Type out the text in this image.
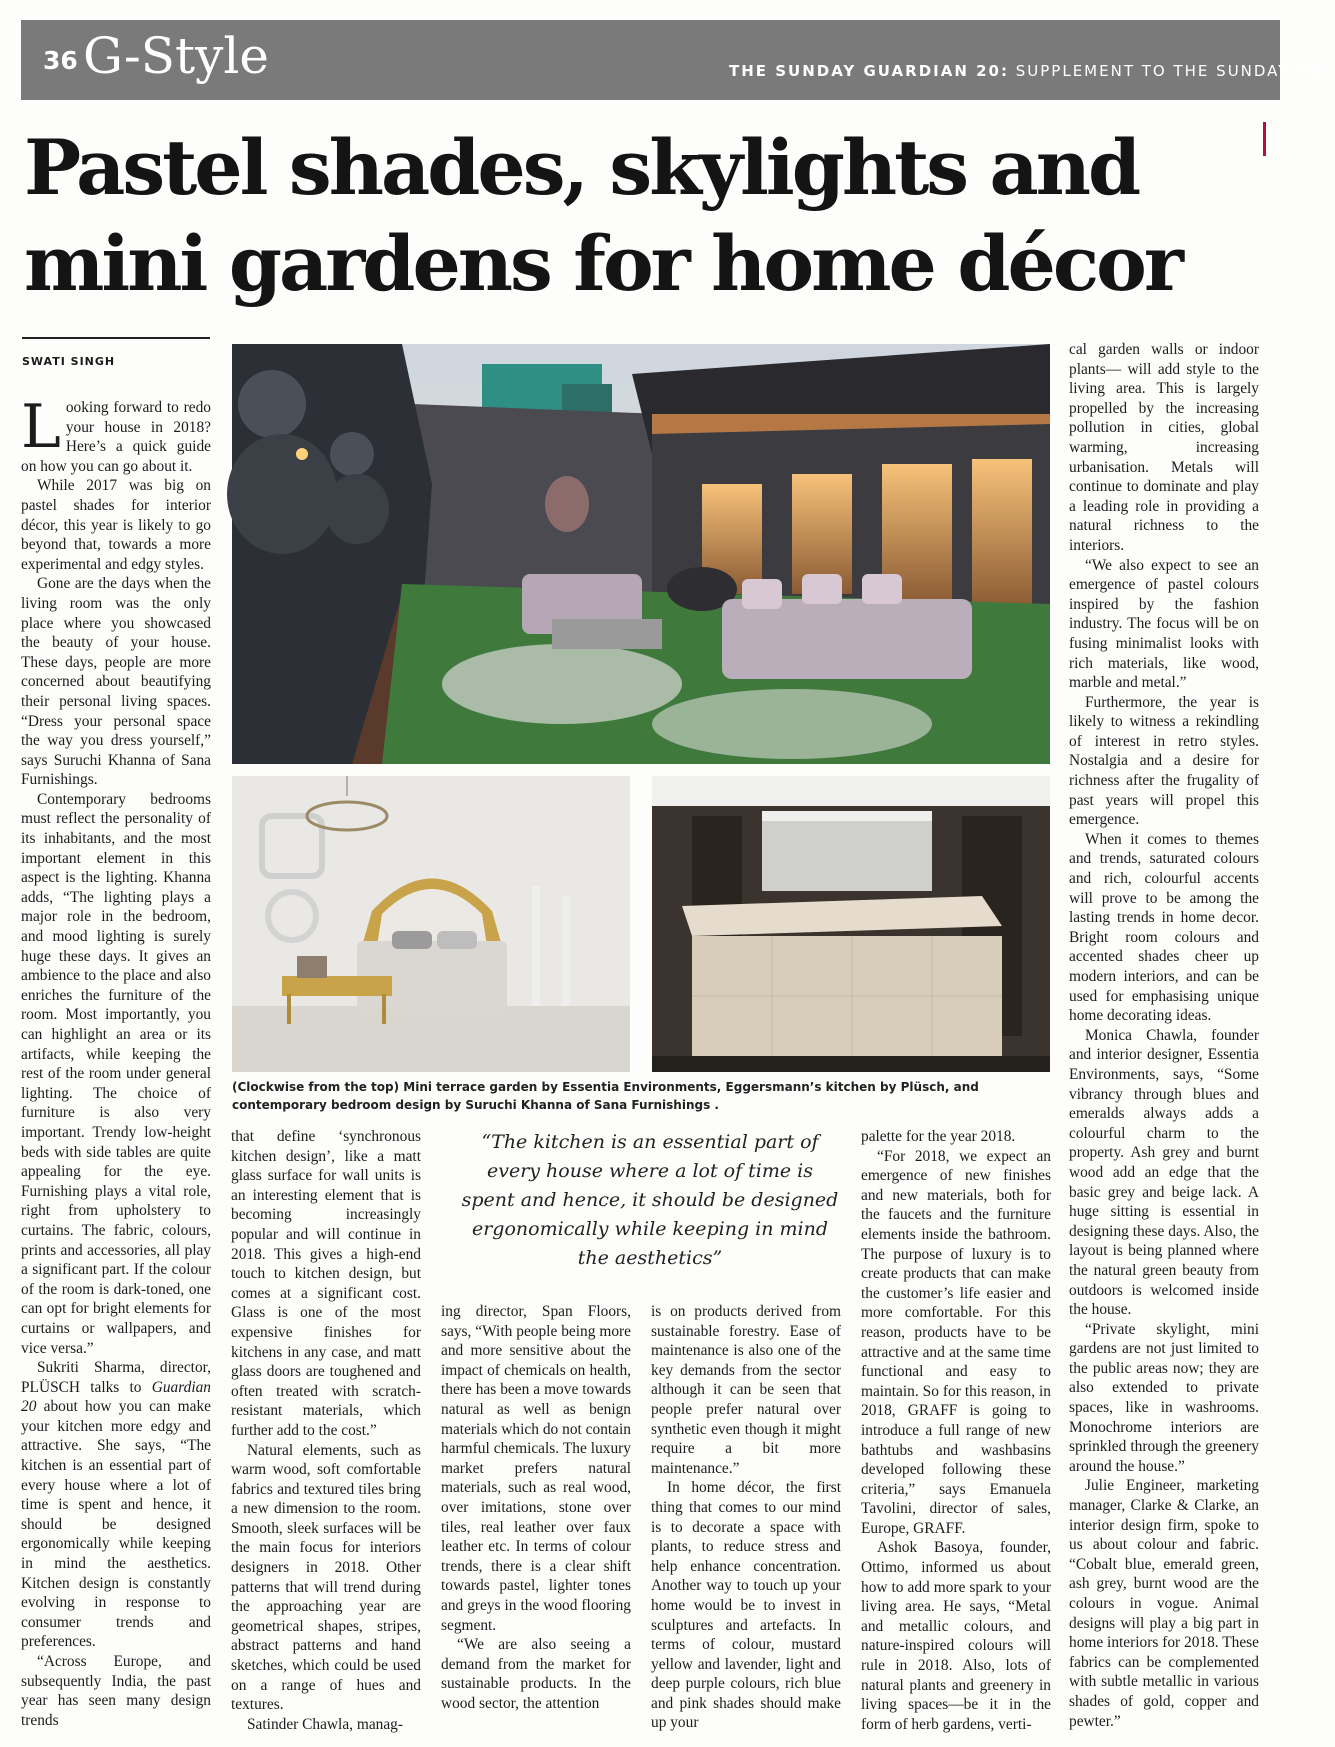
36 G-Style	THE SUNDAY GUARDIAN 20: SUPPLEMENT TO THE SUNDAY GUA
Pastel shades, skylights and mini gardens for home décor
SWATI SINGH
(Clockwise from the top) Mini terrace garden by Essentia Environments, Eggersmann’s kitchen by Plüsch, and contemporary bedroom design by Suruchi Khanna of Sana Furnishings .
“The kitchen is an essential part of every house where a lot of time is spent and hence, it should be designed ergonomically while keeping in mind the aesthetics”

Looking forward to redo your house in 2018? Here’s a quick guide on how you can go about it.

While 2017 was big on pastel shades for interior décor, this year is likely to go beyond that, towards a more experimental and edgy styles.

Gone are the days when the living room was the only place where you showcased the beauty of your house. These days, people are more concerned about beautifying their personal living spaces. “Dress your personal space the way you dress yourself,” says Suruchi Khanna of Sana Furnishings.

Contemporary bedrooms must reflect the personality of its inhabitants, and the most important element in this aspect is the lighting. Khanna adds, “The lighting plays a major role in the bedroom, and mood lighting is surely huge these days. It gives an ambience to the place and also enriches the furniture of the room. Most importantly, you can highlight an area or its artifacts, while keeping the rest of the room under general lighting. The choice of furniture is also very important. Trendy low-height beds with side tables are quite appealing for the eye. Furnishing plays a vital role, right from upholstery to curtains. The fabric, colours, prints and accessories, all play a significant part. If the colour of the room is dark-toned, one can opt for bright elements for curtains or wallpapers, and vice versa.”

Sukriti Sharma, director, PLÜSCH talks to Guardian 20 about how you can make your kitchen more edgy and attractive. She says, “The kitchen is an essential part of every house where a lot of time is spent and hence, it should be designed ergonomically while keeping in mind the aesthetics. Kitchen design is constantly evolving in response to consumer trends and preferences.

“Across Europe, and subsequently India, the past year has seen many design trends

that define ‘synchronous kitchen design’, like a matt glass surface for wall units is an interesting element that is becoming increasingly popular and will continue in 2018. This gives a high-end touch to kitchen design, but comes at a significant cost. Glass is one of the most expensive finishes for kitchens in any case, and matt glass doors are toughened and often treated with scratch-resistant materials, which further add to the cost.”

Natural elements, such as warm wood, soft comfortable fabrics and textured tiles bring a new dimension to the room. Smooth, sleek surfaces will be the main focus for interiors designers in 2018. Other patterns that will trend during the approaching year are geometrical shapes, stripes, abstract patterns and hand sketches, which could be used on a range of hues and textures.

Satinder Chawla, manag-

ing director, Span Floors, says, “With people being more and more sensitive about the impact of chemicals on health, there has been a move towards natural as well as benign materials which do not contain harmful chemicals. The luxury market prefers natural materials, such as real wood, over imitations, stone over tiles, real leather over faux leather etc. In terms of colour trends, there is a clear shift towards pastel, lighter tones and greys in the wood flooring segment.

“We are also seeing a demand from the market for sustainable products. In the wood sector, the attention

is on products derived from sustainable forestry. Ease of maintenance is also one of the key demands from the sector although it can be seen that people prefer natural over synthetic even though it might require a bit more maintenance.”

In home décor, the first thing that comes to our mind is to decorate a space with plants, to reduce stress and help enhance concentration. Another way to touch up your home would be to invest in sculptures and artefacts. In terms of colour, mustard yellow and lavender, light and deep purple colours, rich blue and pink shades should make up your

palette for the year 2018.

“For 2018, we expect an emergence of new finishes and new materials, both for the faucets and the furniture elements inside the bathroom. The purpose of luxury is to create products that can make the customer’s life easier and more comfortable. For this reason, products have to be attractive and at the same time functional and easy to maintain. So for this reason, in 2018, GRAFF is going to introduce a full range of new bathtubs and washbasins developed following these criteria,” says Emanuela Tavolini, director of sales, Europe, GRAFF.

Ashok Basoya, founder, Ottimo, informed us about how to add more spark to your living area. He says, “Metal and metallic colours, and nature-inspired colours will rule in 2018. Also, lots of natural plants and greenery in living spaces—be it in the form of herb gardens, verti-

cal garden walls or indoor plants— will add style to the living area. This is largely propelled by the increasing pollution in cities, global warming, increasing urbanisation. Metals will continue to dominate and play a leading role in providing a natural richness to the interiors.

“We also expect to see an emergence of pastel colours inspired by the fashion industry. The focus will be on fusing minimalist looks with rich materials, like wood, marble and metal.”

Furthermore, the year is likely to witness a rekindling of interest in retro styles. Nostalgia and a desire for richness after the frugality of past years will propel this emergence.

When it comes to themes and trends, saturated colours and rich, colourful accents will prove to be among the lasting trends in home decor. Bright room colours and accented shades cheer up modern interiors, and can be used for emphasising unique home decorating ideas.

Monica Chawla, founder and interior designer, Essentia Environments, says, “Some vibrancy through blues and emeralds always adds a colourful charm to the property. Ash grey and burnt wood add an edge that the basic grey and beige lack. A huge sitting is essential in designing these days. Also, the layout is being planned where the natural green beauty from outdoors is welcomed inside the house.

“Private skylight, mini gardens are not just limited to the public areas now; they are also extended to private spaces, like in washrooms. Monochrome interiors are sprinkled through the greenery around the house.”

Julie Engineer, marketing manager, Clarke & Clarke, an interior design firm, spoke to us about colour and fabric. “Cobalt blue, emerald green, ash grey, burnt wood are the colours in vogue. Animal designs will play a big part in home interiors for 2018. These fabrics can be complemented with subtle metallic in various shades of gold, copper and pewter.”
